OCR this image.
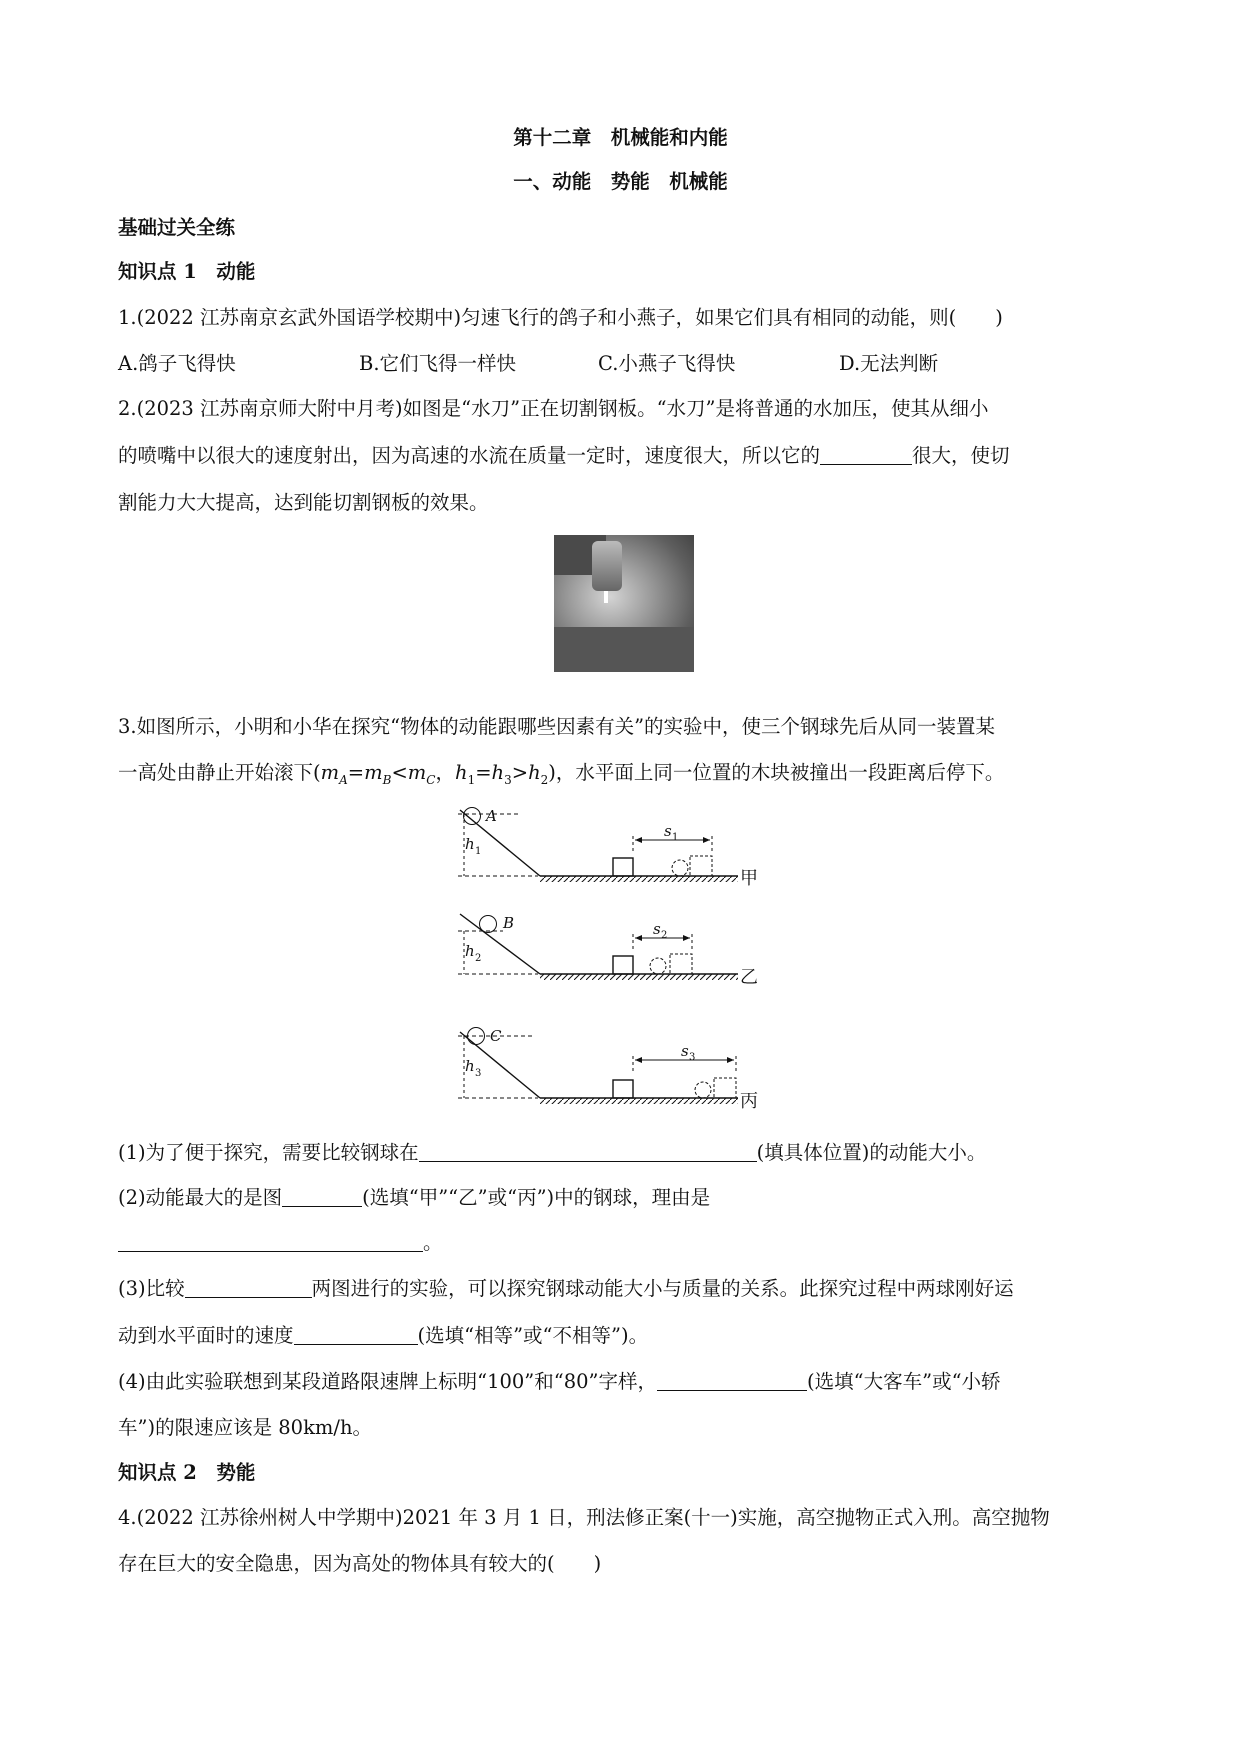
第十二章　机械能和内能
一、动能　势能　机械能
基础过关全练
知识点 1　动能
1.(2022 江苏南京玄武外国语学校期中)匀速飞行的鸽子和小燕子，如果它们具有相同的动能，则(　　)
A.鸽子飞得快	B.它们飞得一样快	C.小燕子飞得快	D.无法判断
2.(2023 江苏南京师大附中月考)如图是“水刀”正在切割钢板。“水刀”是将普通的水加压，使其从细小
的喷嘴中以很大的速度射出，因为高速的水流在质量一定时，速度很大，所以它的	很大，使切
割能力大大提高，达到能切割钢板的效果。
3.如图所示，小明和小华在探究“物体的动能跟哪些因素有关”的实验中，使三个钢球先后从同一装置某
一高处由静止开始滚下($m_A=m_B<m_C$，$h_1=h_3>h_2$)，水平面上同一位置的木块被撞出一段距离后停下。
A
B
C
h 1
h 2
h 3
s 1
s 2
s 3
甲
乙
丙
(1)为了便于探究，需要比较钢球在	(填具体位置)的动能大小。
(2)动能最大的是图	(选填“甲”“乙”或“丙”)中的钢球，理由是
。
(3)比较	两图进行的实验，可以探究钢球动能大小与质量的关系。此探究过程中两球刚好运
动到水平面时的速度	(选填“相等”或“不相等”)。
(4)由此实验联想到某段道路限速牌上标明“100”和“80”字样，	(选填“大客车”或“小轿
车”)的限速应该是 80km/h。
知识点 2　势能
4.(2022 江苏徐州树人中学期中)2021 年 3 月 1 日，刑法修正案(十一)实施，高空抛物正式入刑。高空抛物
存在巨大的安全隐患，因为高处的物体具有较大的(　　)
